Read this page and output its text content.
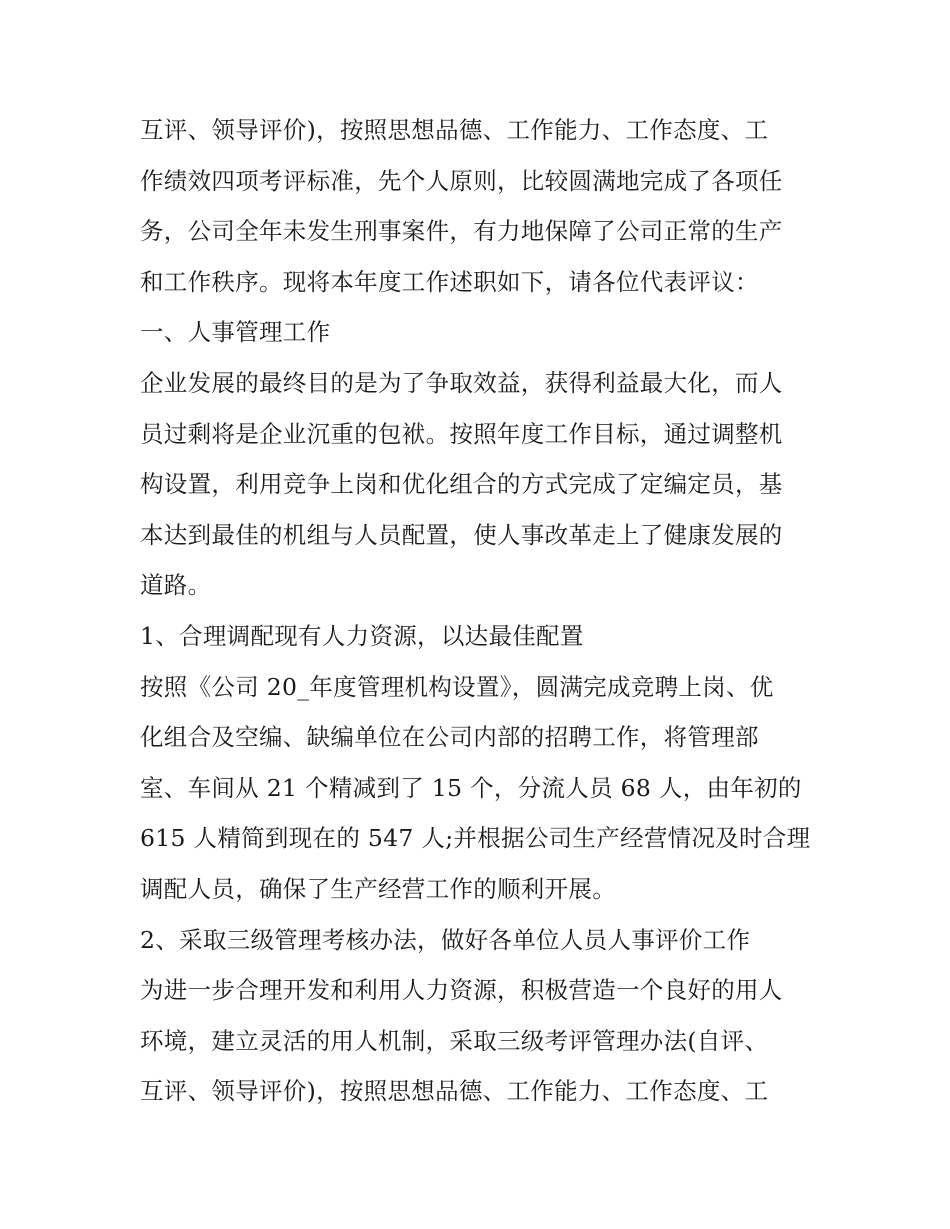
互评、领导评价)，按照思想品德、工作能力、工作态度、工
作绩效四项考评标准，先个人原则，比较圆满地完成了各项任
务，公司全年未发生刑事案件，有力地保障了公司正常的生产
和工作秩序。现将本年度工作述职如下，请各位代表评议：
一、人事管理工作
企业发展的最终目的是为了争取效益，获得利益最大化，而人
员过剩将是企业沉重的包袱。按照年度工作目标，通过调整机
构设置，利用竞争上岗和优化组合的方式完成了定编定员，基
本达到最佳的机组与人员配置，使人事改革走上了健康发展的
道路。
1、合理调配现有人力资源，以达最佳配置
按照《公司 20_年度管理机构设置》，圆满完成竞聘上岗、优
化组合及空编、缺编单位在公司内部的招聘工作，将管理部
室、车间从 21 个精减到了 15 个，分流人员 68 人，由年初的
615 人精简到现在的 547 人;并根据公司生产经营情况及时合理
调配人员，确保了生产经营工作的顺利开展。
2、采取三级管理考核办法，做好各单位人员人事评价工作
为进一步合理开发和利用人力资源，积极营造一个良好的用人
环境，建立灵活的用人机制，采取三级考评管理办法(自评、
互评、领导评价)，按照思想品德、工作能力、工作态度、工
